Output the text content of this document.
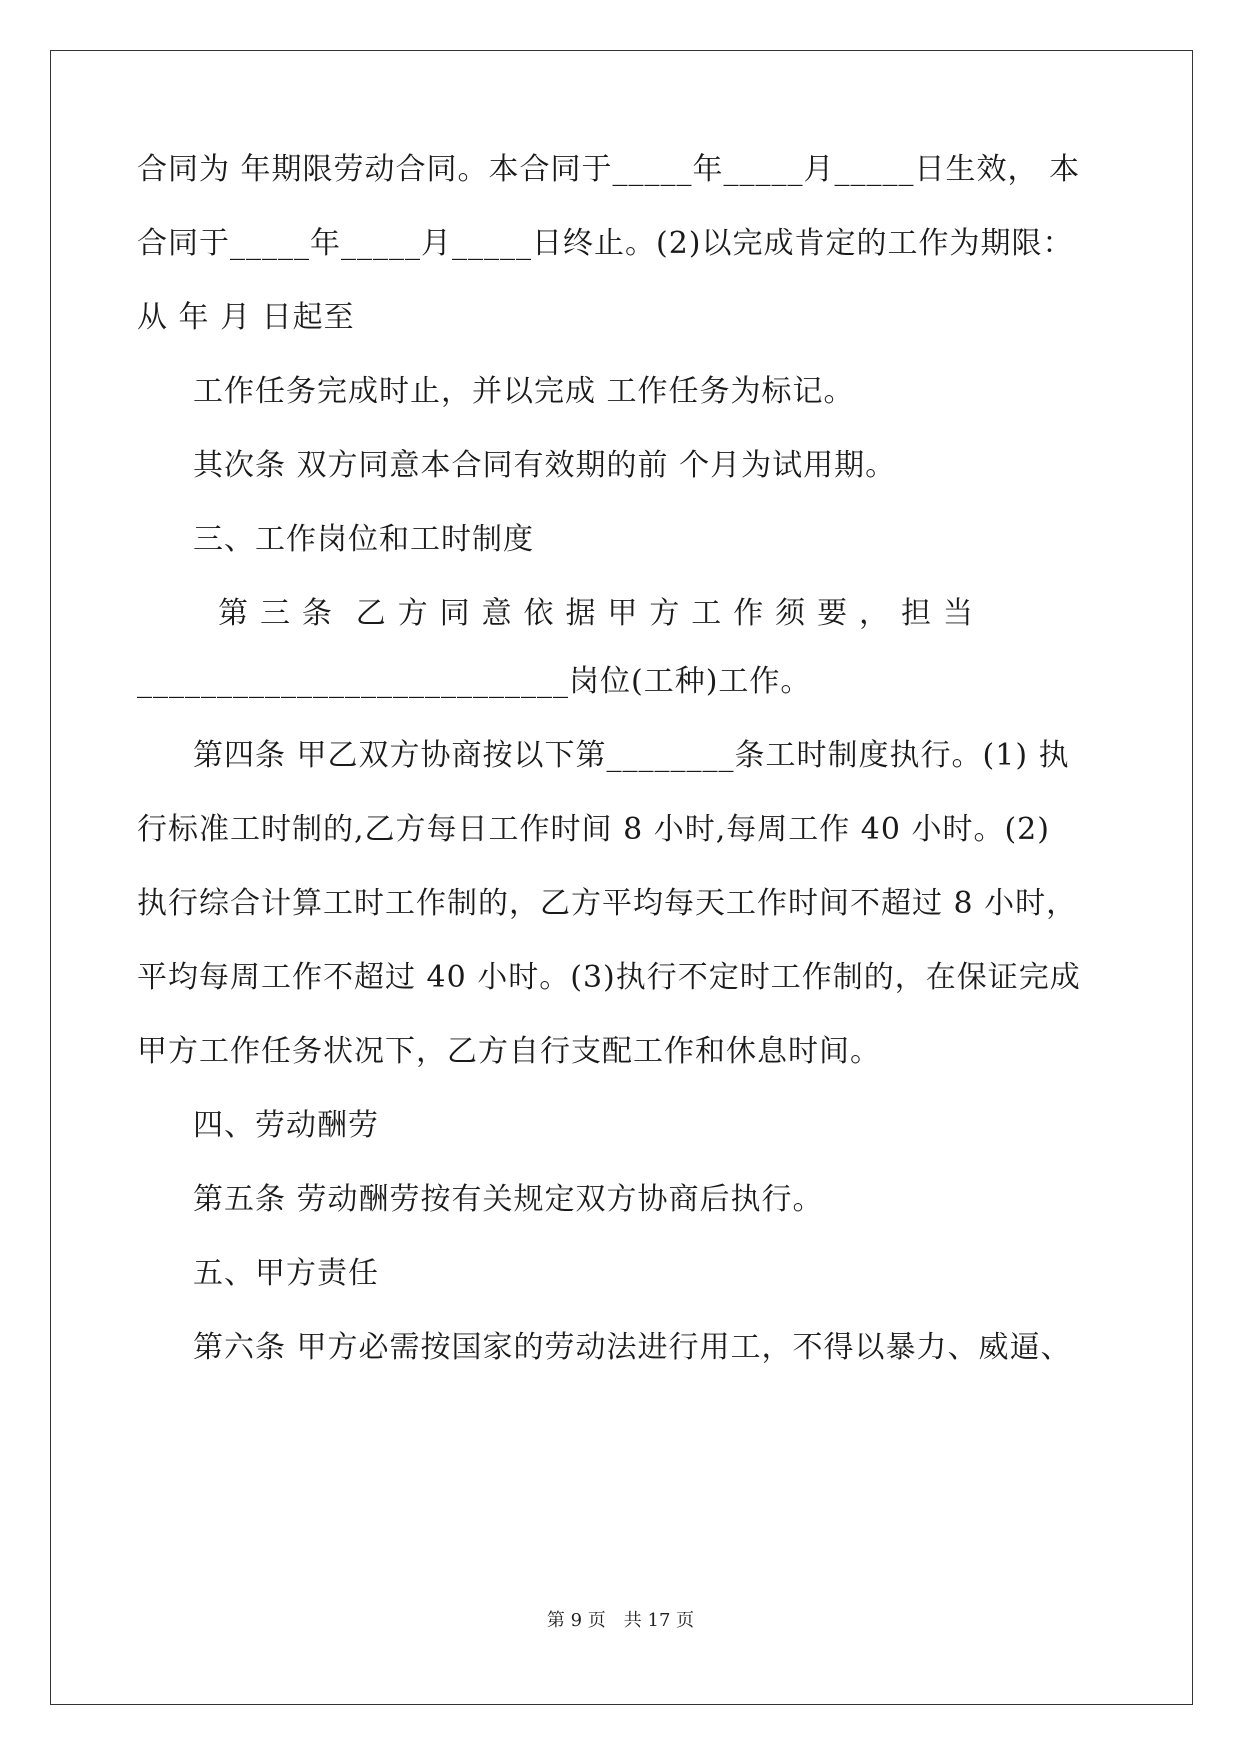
合同为 年期限劳动合同。本合同于_____年_____月_____日生效， 本

合同于_____年_____月_____日终止。(2)以完成肯定的工作为期限：

从 年 月 日起至

工作任务完成时止，并以完成 工作任务为标记。

其次条 双方同意本合同有效期的前 个月为试用期。

三、工作岗位和工时制度

第 三 条 乙 方 同 意 依 据 甲 方 工 作 须 要 ， 担 当

___________________________岗位(工种)工作。

第四条 甲乙双方协商按以下第________条工时制度执行。(1) 执

行标准工时制的,乙方每日工作时间 8 小时,每周工作 40 小时。(2)

执行综合计算工时工作制的，乙方平均每天工作时间不超过 8 小时，

平均每周工作不超过 40 小时。(3)执行不定时工作制的，在保证完成

甲方工作任务状况下，乙方自行支配工作和休息时间。

四、劳动酬劳

第五条 劳动酬劳按有关规定双方协商后执行。

五、甲方责任

第六条 甲方必需按国家的劳动法进行用工，不得以暴力、威逼、

第 9 页　共 17 页
